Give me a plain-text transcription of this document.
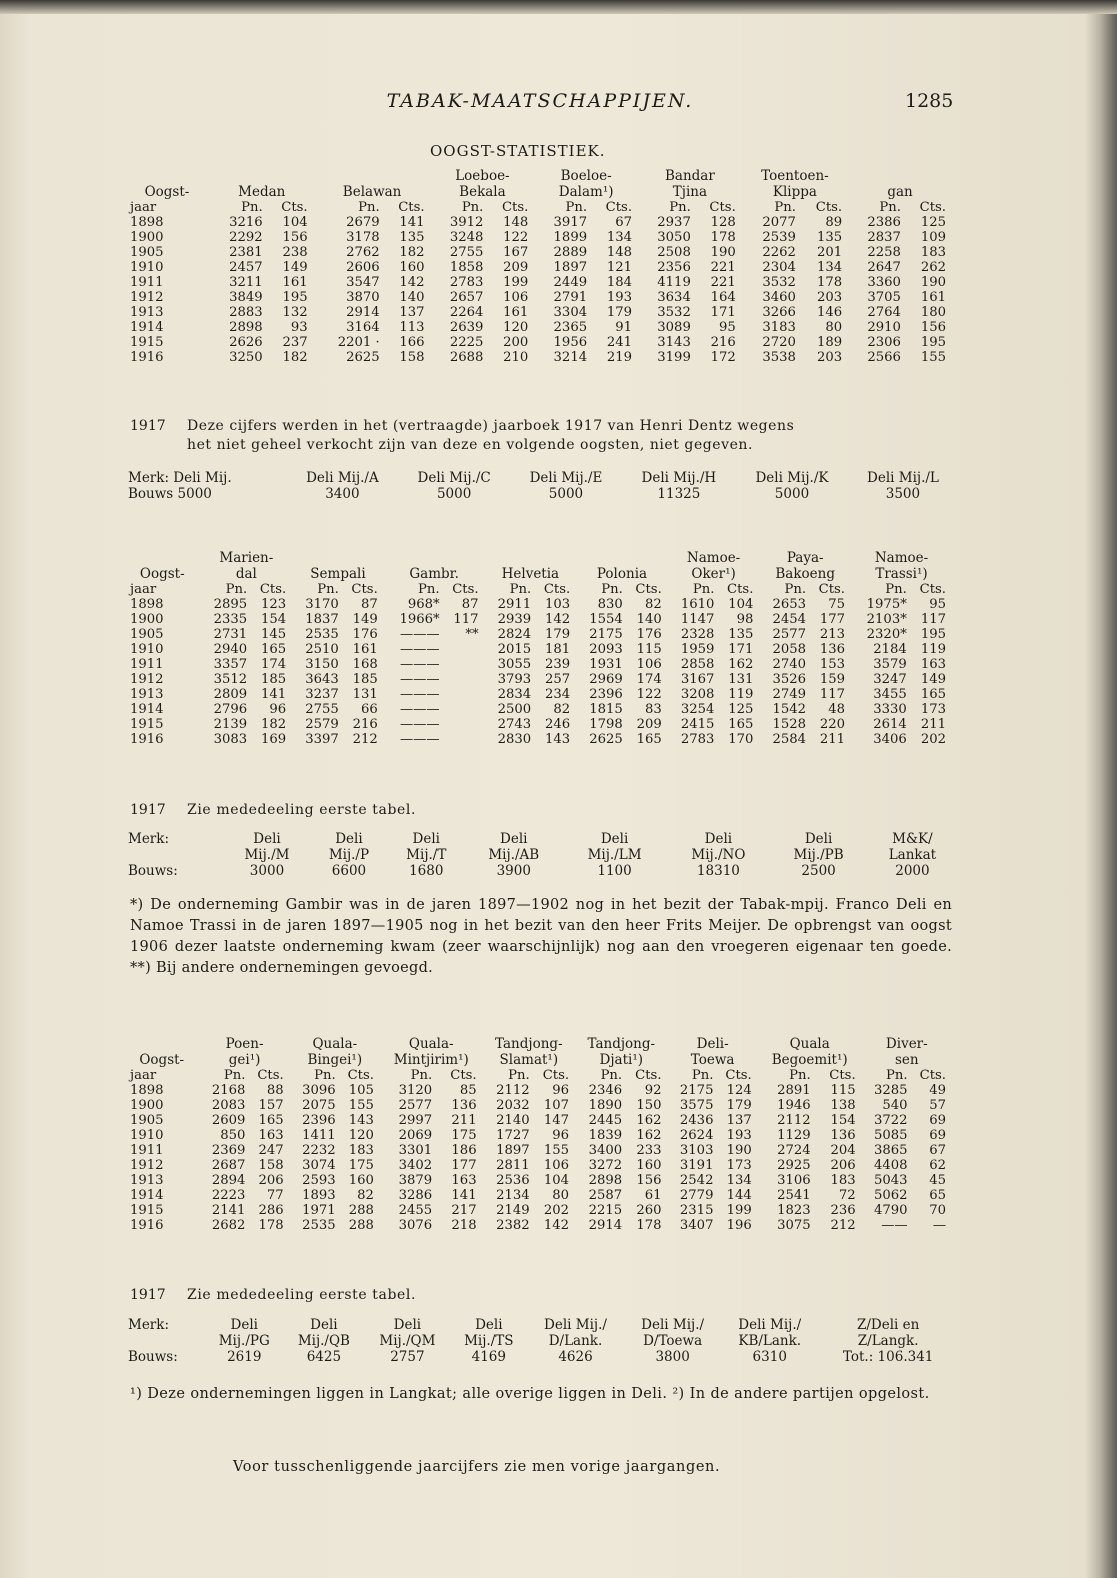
TABAK-MAATSCHAPPIJEN.	1285
OOGST-STATISTIEK.
					Loeboe-		Boeloe-		Bandar		Toentoen-			
Oogst-	Medan		Belawan		Bekala		Dalam¹)		Tjina		Klippa		gan	
jaar	Pn.	Cts.	Pn.	Cts.	Pn.	Cts.	Pn.	Cts.	Pn.	Cts.	Pn.	Cts.	Pn.	Cts.
1898	3216	104	2679	141	3912	148	3917	67	2937	128	2077	89	2386	125
1900	2292	156	3178	135	3248	122	1899	134	3050	178	2539	135	2837	109
1905	2381	238	2762	182	2755	167	2889	148	2508	190	2262	201	2258	183
1910	2457	149	2606	160	1858	209	1897	121	2356	221	2304	134	2647	262
1911	3211	161	3547	142	2783	199	2449	184	4119	221	3532	178	3360	190
1912	3849	195	3870	140	2657	106	2791	193	3634	164	3460	203	3705	161
1913	2883	132	2914	137	2264	161	3304	179	3532	171	3266	146	2764	180
1914	2898	93	3164	113	2639	120	2365	91	3089	95	3183	80	2910	156
1915	2626	237	2201 ·	166	2225	200	1956	241	3143	216	2720	189	2306	195
1916	3250	182	2625	158	2688	210	3214	219	3199	172	3538	203	2566	155
1917 Deze cijfers werden in het (vertraagde) jaarboek 1917 van Henri Dentz wegens
het niet geheel verkocht zijn van deze en volgende oogsten, niet gegeven.
Merk: Deli Mij.	Deli Mij./A	Deli Mij./C	Deli Mij./E	Deli Mij./H	Deli Mij./K	Deli Mij./L
Bouws 5000	3400	5000	5000	11325	5000	3500
	Marien-										Namoe-		Paya-		Namoe-	
Oogst-	dal		Sempali		Gambr.		Helvetia		Polonia		Oker¹)		Bakoeng		Trassi¹)	
jaar	Pn.	Cts.	Pn.	Cts.	Pn.	Cts.	Pn.	Cts.	Pn.	Cts.	Pn.	Cts.	Pn.	Cts.	Pn.	Cts.
1898	2895	123	3170	87	968*	87	2911	103	830	82	1610	104	2653	75	1975*	95
1900	2335	154	1837	149	1966*	117	2939	142	1554	140	1147	98	2454	177	2103*	117
1905	2731	145	2535	176	———	**	2824	179	2175	176	2328	135	2577	213	2320*	195
1910	2940	165	2510	161	———		2015	181	2093	115	1959	171	2058	136	2184	119
1911	3357	174	3150	168	———		3055	239	1931	106	2858	162	2740	153	3579	163
1912	3512	185	3643	185	———		3793	257	2969	174	3167	131	3526	159	3247	149
1913	2809	141	3237	131	———		2834	234	2396	122	3208	119	2749	117	3455	165
1914	2796	96	2755	66	———		2500	82	1815	83	3254	125	1542	48	3330	173
1915	2139	182	2579	216	———		2743	246	1798	209	2415	165	1528	220	2614	211
1916	3083	169	3397	212	———		2830	143	2625	165	2783	170	2584	211	3406	202
1917 Zie mededeeling eerste tabel.
Merk:	Deli	Deli	Deli	Deli	Deli	Deli	Deli	M&K/
	Mij./M	Mij./P	Mij./T	Mij./AB	Mij./LM	Mij./NO	Mij./PB	Lankat
Bouws:	3000	6600	1680	3900	1100	18310	2500	2000
*) De onderneming Gambir was in de jaren 1897—1902 nog in het bezit der Tabak-mpij. Franco Deli en Namoe Trassi in de jaren 1897—1905 nog in het bezit van den heer Frits Meijer. De opbrengst van oogst 1906 dezer laatste onderneming kwam (zeer waarschijnlijk) nog aan den vroegeren eigenaar ten goede. **) Bij andere ondernemingen gevoegd.
	Poen-		Quala-		Quala-		Tandjong-		Tandjong-		Deli-		Quala		Diver-	
Oogst-	gei¹)		Bingei¹)		Mintjirim¹)		Slamat¹)		Djati¹)		Toewa		Begoemit¹)		sen	
jaar	Pn.	Cts.	Pn.	Cts.	Pn.	Cts.	Pn.	Cts.	Pn.	Cts.	Pn.	Cts.	Pn.	Cts.	Pn.	Cts.
1898	2168	88	3096	105	3120	85	2112	96	2346	92	2175	124	2891	115	3285	49
1900	2083	157	2075	155	2577	136	2032	107	1890	150	3575	179	1946	138	540	57
1905	2609	165	2396	143	2997	211	2140	147	2445	162	2436	137	2112	154	3722	69
1910	850	163	1411	120	2069	175	1727	96	1839	162	2624	193	1129	136	5085	69
1911	2369	247	2232	183	3301	186	1897	155	3400	233	3103	190	2724	204	3865	67
1912	2687	158	3074	175	3402	177	2811	106	3272	160	3191	173	2925	206	4408	62
1913	2894	206	2593	160	3879	163	2536	104	2898	156	2542	134	3106	183	5043	45
1914	2223	77	1893	82	3286	141	2134	80	2587	61	2779	144	2541	72	5062	65
1915	2141	286	1971	288	2455	217	2149	202	2215	260	2315	199	1823	236	4790	70
1916	2682	178	2535	288	3076	218	2382	142	2914	178	3407	196	3075	212	——	—
1917 Zie mededeeling eerste tabel.
Merk:	Deli	Deli	Deli	Deli	Deli Mij./	Deli Mij./	Deli Mij./	Z/Deli en
	Mij./PG	Mij./QB	Mij./QM	Mij./TS	D/Lank.	D/Toewa	KB/Lank.	Z/Langk.
Bouws:	2619	6425	2757	4169	4626	3800	6310	Tot.: 106.341
¹) Deze ondernemingen liggen in Langkat; alle overige liggen in Deli. ²) In de andere partijen opgelost.
Voor tusschenliggende jaarcijfers zie men vorige jaargangen.
